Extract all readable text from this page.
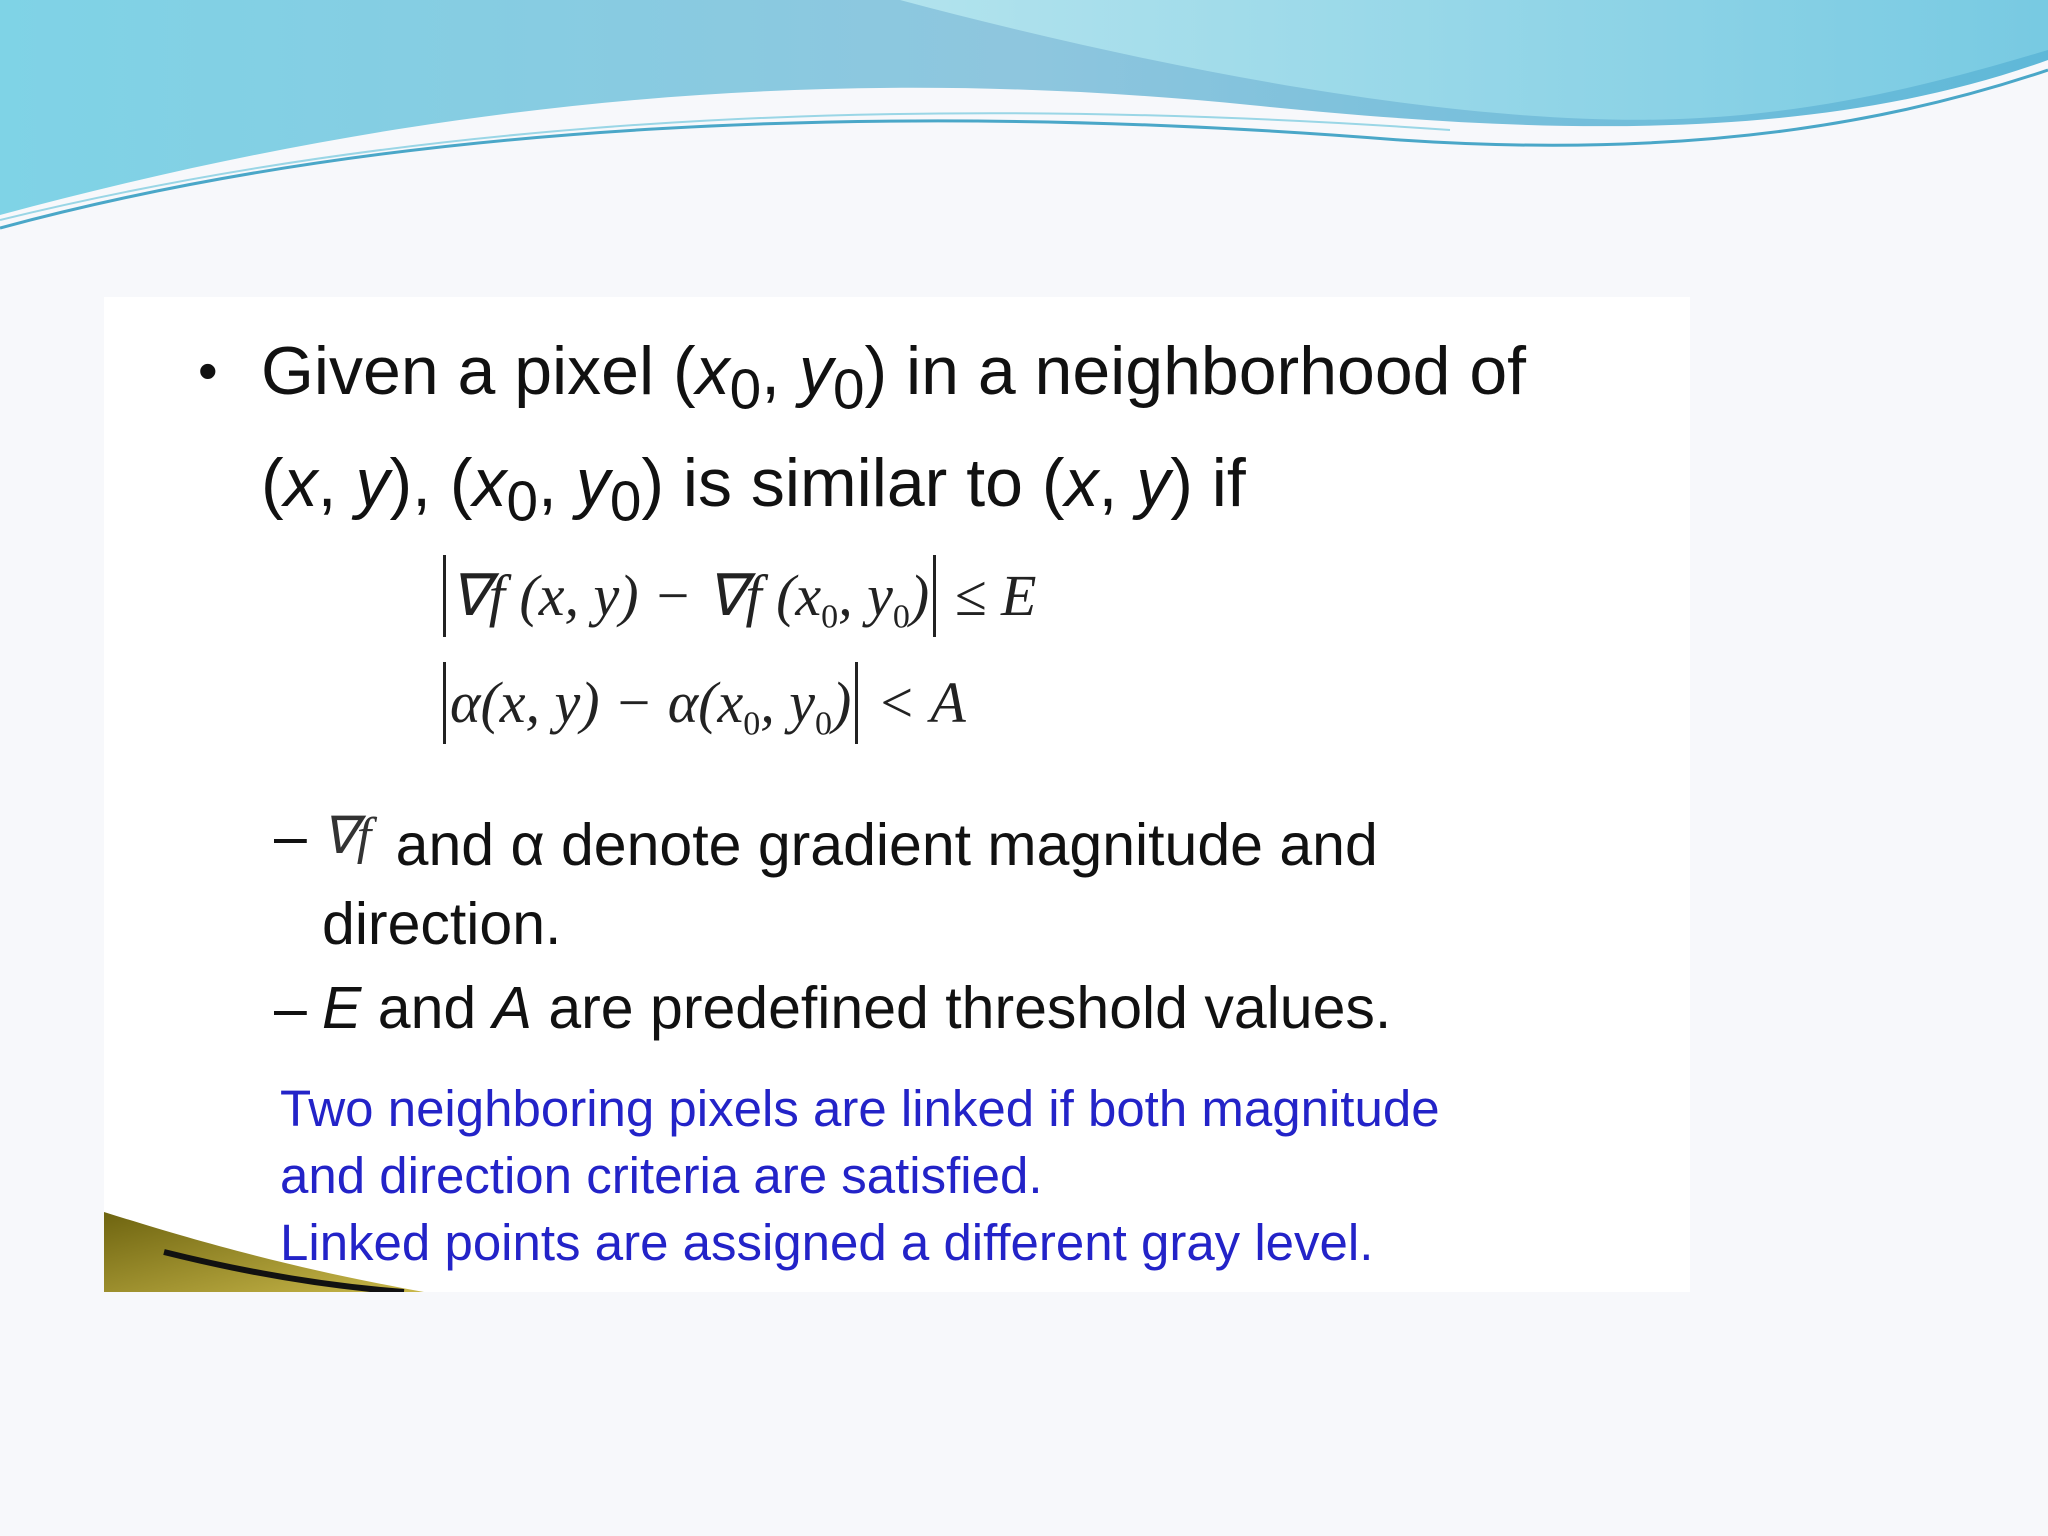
• Given a pixel ($x_0$, $y_0$) in a neighborhood of
(x, y), ($x_0$, $y_0$) is similar to (x, y) if
∇f (x, y) − ∇f ($x_0$, $y_0) \le E$
α(x, $y) - \alpha(x_0$, $y_0) < A$
– ∇f and α denote gradient magnitude and
direction.
– E and A are predefined threshold values.
Two neighboring pixels are linked if both magnitude
and direction criteria are satisfied.
Linked points are assigned a different gray level.
